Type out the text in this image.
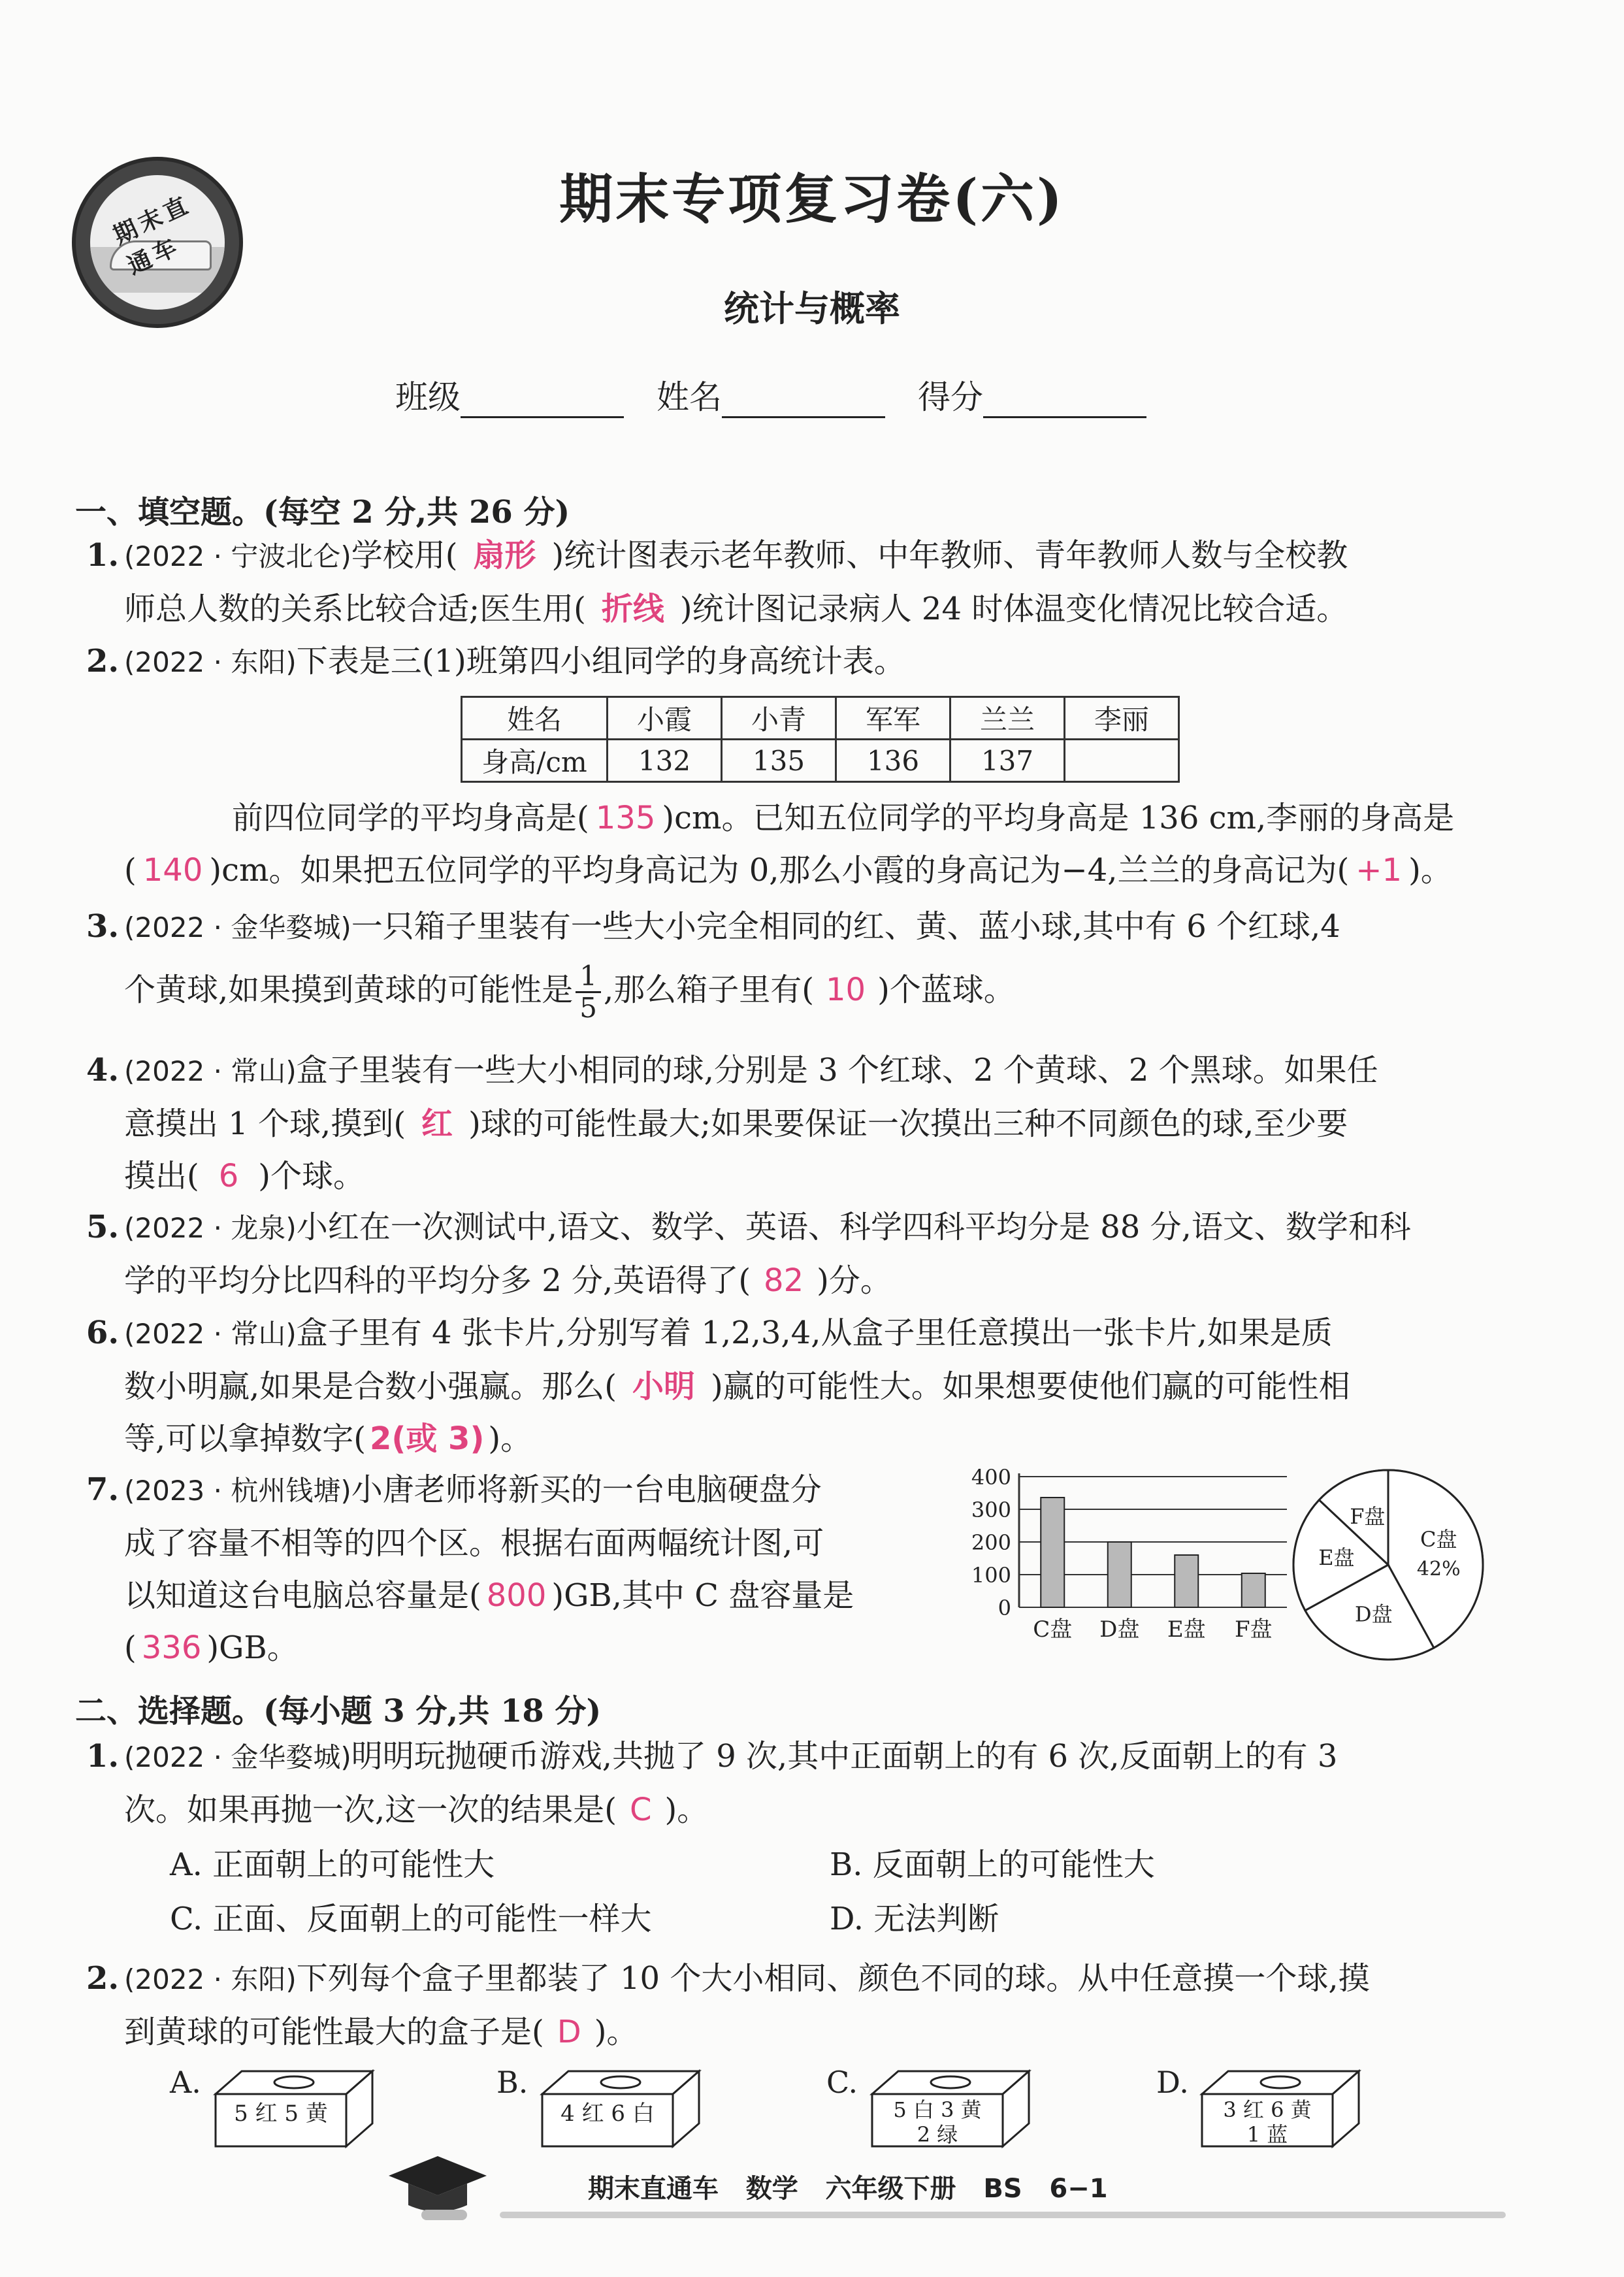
期末直通车
期末专项复习卷(六)
统计与概率
班级	姓名	得分
一、填空题。(每空 2 分,共 26 分)
1. (2022 · 宁波北仑)学校用( 扇形 )统计图表示老年教师、中年教师、青年教师人数与全校教
师总人数的关系比较合适;医生用( 折线 )统计图记录病人 24 时体温变化情况比较合适。
2. (2022 · 东阳)下表是三(1)班第四小组同学的身高统计表。
姓名	小霞	小青	军军	兰兰	李丽
身高/cm	132	135	136	137	
前四位同学的平均身高是( 135 )cm。已知五位同学的平均身高是 136 cm,李丽的身高是
( 140 )cm。如果把五位同学的平均身高记为 0,那么小霞的身高记为−4,兰兰的身高记为( +1 )。
3. (2022 · 金华婺城)一只箱子里装有一些大小完全相同的红、黄、蓝小球,其中有 6 个红球,4
个黄球,如果摸到黄球的可能性是 $\frac{1}{5}$ ,那么箱子里有( 10 )个蓝球。
4. (2022 · 常山)盒子里装有一些大小相同的球,分别是 3 个红球、2 个黄球、2 个黑球。如果任
意摸出 1 个球,摸到( 红 )球的可能性最大;如果要保证一次摸出三种不同颜色的球,至少要
摸出( 6 )个球。
5. (2022 · 龙泉)小红在一次测试中,语文、数学、英语、科学四科平均分是 88 分,语文、数学和科
学的平均分比四科的平均分多 2 分,英语得了( 82 )分。
6. (2022 · 常山)盒子里有 4 张卡片,分别写着 1,2,3,4,从盒子里任意摸出一张卡片,如果是质
数小明赢,如果是合数小强赢。那么( 小明 )赢的可能性大。如果想要使他们赢的可能性相
等,可以拿掉数字( 2(或 3) )。
7. (2023 · 杭州钱塘)小唐老师将新买的一台电脑硬盘分
成了容量不相等的四个区。根据右面两幅统计图,可
以知道这台电脑总容量是( 800 )GB,其中 C 盘容量是
( 336 )GB。
0
100
200
300
400
C盘 D盘 E盘 F盘
C盘
D盘
E盘
F盘
42%
二、选择题。(每小题 3 分,共 18 分)
1. (2022 · 金华婺城)明明玩抛硬币游戏,共抛了 9 次,其中正面朝上的有 6 次,反面朝上的有 3
次。如果再抛一次,这一次的结果是( C )。
A. 正面朝上的可能性大	B. 反面朝上的可能性大
C. 正面、反面朝上的可能性一样大	D. 无法判断
2. (2022 · 东阳)下列每个盒子里都装了 10 个大小相同、颜色不同的球。从中任意摸一个球,摸
到黄球的可能性最大的盒子是( D )。
A.
5 红 5 黄
B.
4 红 6 白
C.
5 白 3 黄
2 绿
D.
3 红 6 黄
1 蓝
期末直通车   数学   六年级下册   BS   6−1
